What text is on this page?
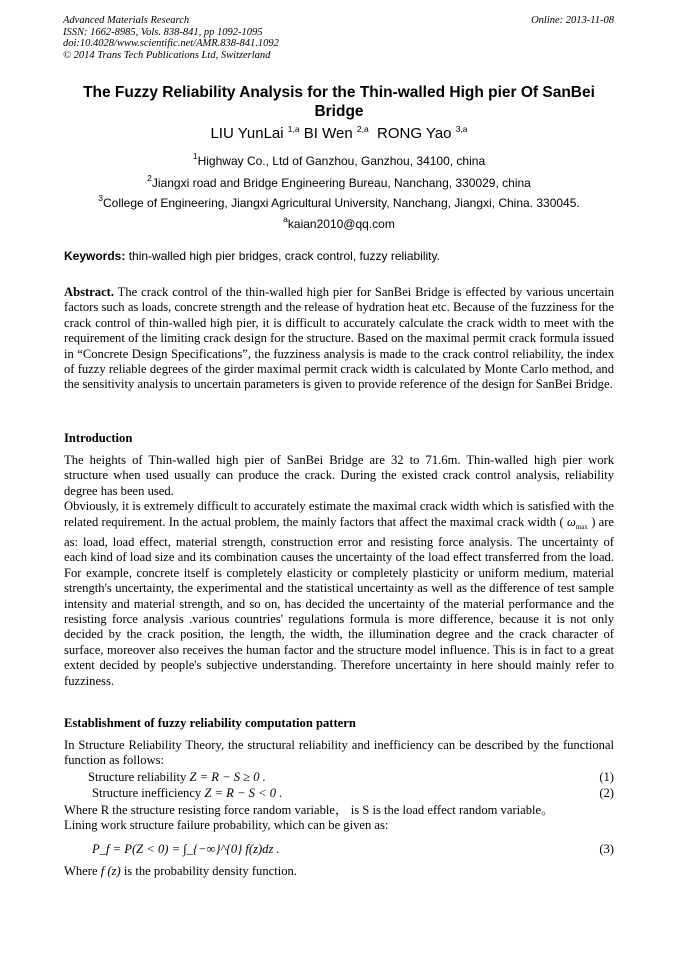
Advanced Materials Research
ISSN: 1662-8985, Vols. 838-841, pp 1092-1095
doi:10.4028/www.scientific.net/AMR.838-841.1092
© 2014 Trans Tech Publications Ltd, Switzerland
Online: 2013-11-08
The Fuzzy Reliability Analysis for the Thin-walled High pier Of SanBei Bridge
LIU YunLai $^{1,a}$ BI Wen $^{2,a}$ RONG Yao $^{3,a}$
$^1$Highway Co., Ltd of Ganzhou, Ganzhou, 34100, china
$^2$Jiangxi road and Bridge Engineering Bureau, Nanchang, 330029, china
$^3$College of Engineering, Jiangxi Agricultural University, Nanchang, Jiangxi, China. 330045.
$^a$kaian2010@qq.com
Keywords: thin-walled high pier bridges, crack control, fuzzy reliability.

Abstract. The crack control of the thin-walled high pier for SanBei Bridge is effected by various uncertain factors such as loads, concrete strength and the release of hydration heat etc. Because of the fuzziness for the crack control of thin-walled high pier, it is difficult to accurately calculate the crack width to meet with the requirement of the limiting crack design for the structure. Based on the maximal permit crack formula issued in “Concrete Design Specifications”, the fuzziness analysis is made to the crack control reliability, the index of fuzzy reliable degrees of the girder maximal permit crack width is calculated by Monte Carlo method, and the sensitivity analysis to uncertain parameters is given to provide reference of the design for SanBei Bridge.

Introduction

The heights of Thin-walled high pier of SanBei Bridge are 32 to 71.6m. Thin-walled high pier work structure when used usually can produce the crack. During the existed crack control analysis, reliability degree has been used.

Obviously, it is extremely difficult to accurately estimate the maximal crack width which is satisfied with the related requirement. In the actual problem, the mainly factors that affect the maximal crack width ( $\omega_{max}$ ) are as: load, load effect, material strength, construction error and resisting force analysis. The uncertainty of each kind of load size and its combination causes the uncertainty of the load effect transferred from the load. For example, concrete itself is completely elasticity or completely plasticity or uniform medium, material strength's uncertainty, the experimental and the statistical uncertainty as well as the difference of test sample intensity and material strength, and so on, has decided the uncertainty of the material performance and the resisting force analysis .various countries' regulations formula is more difference, because it is not only decided by the crack position, the length, the width, the illumination degree and the crack character of surface, moreover also receives the human factor and the structure model influence. This is in fact to a great extent decided by people's subjective understanding. Therefore uncertainty in here should mainly refer to fuzziness.

Establishment of fuzzy reliability computation pattern
In Structure Reliability Theory, the structural reliability and inefficiency can be described by the functional function as follows:
Structure reliability Z = R − S ≥ 0 .	(1)
Structure inefficiency Z = R − S < 0 .	(2)
Where R the structure resisting force random variable， is S is the load effect random variable。
Lining work structure failure probability, which can be given as:
P_f = P(Z < 0) = ∫_{−∞}^{0} f(z)dz .	(3)
Where f (z) is the probability density function.
